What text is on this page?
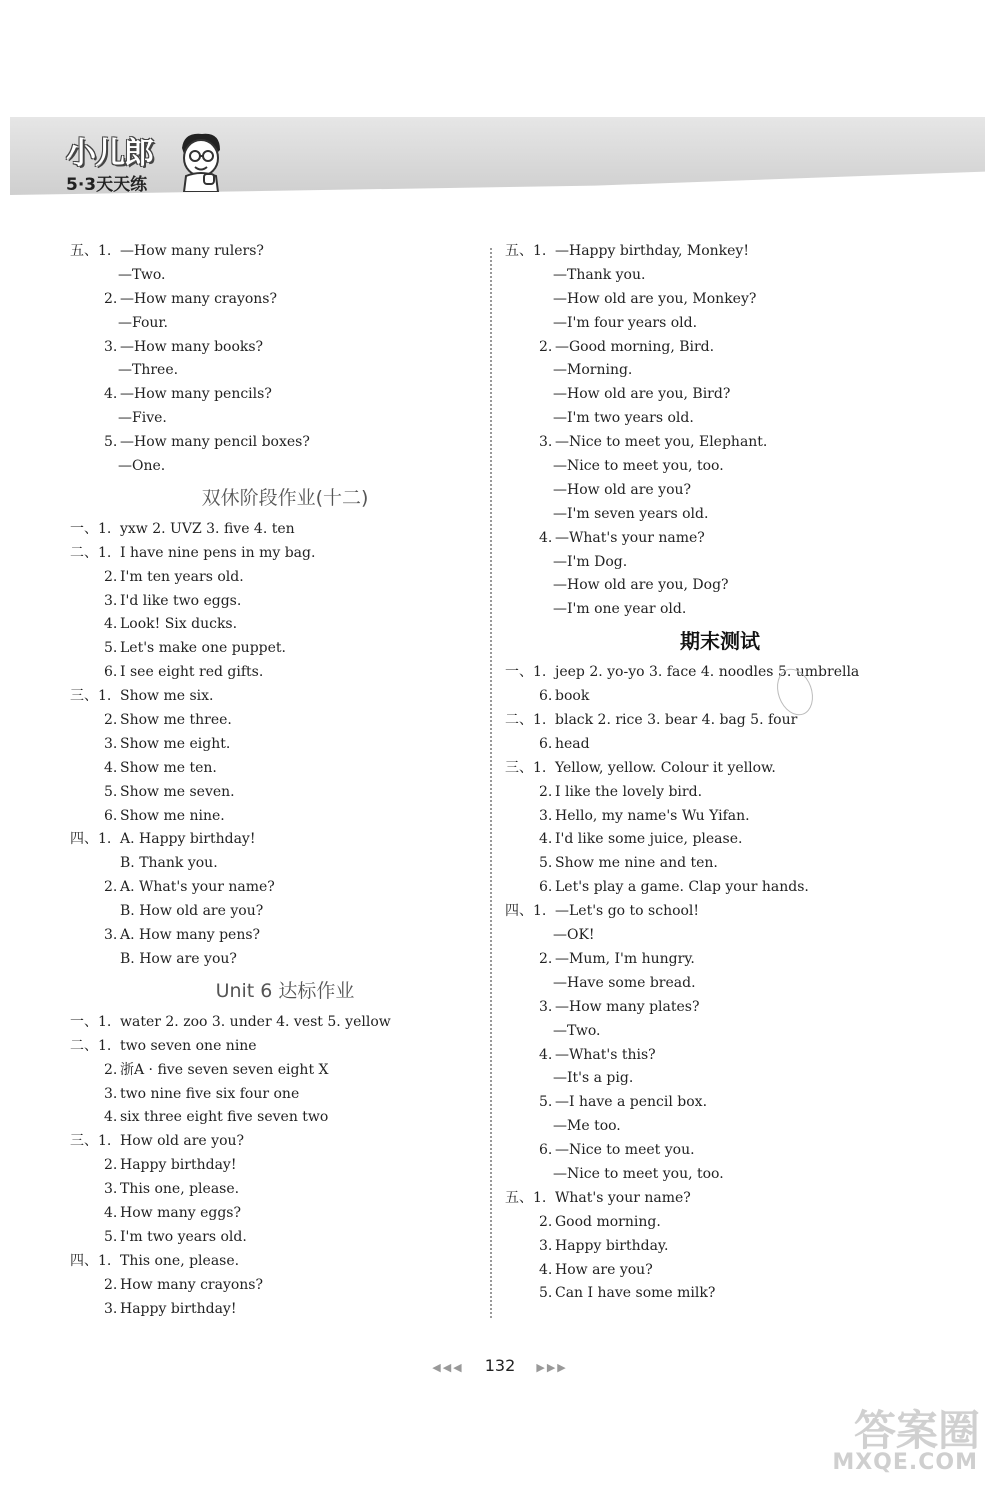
小儿郎
5·3天天练
五、1. —How many rulers?
—Two.
2. —How many crayons?
—Four.
3. —How many books?
—Three.
4. —How many pencils?
—Five.
5. —How many pencil boxes?
—One.
双休阶段作业(十二)
一、1. yxw 2. UVZ 3. five 4. ten
二、1. I have nine pens in my bag.
2. I'm ten years old.
3. I'd like two eggs.
4. Look! Six ducks.
5. Let's make one puppet.
6. I see eight red gifts.
三、1. Show me six.
2. Show me three.
3. Show me eight.
4. Show me ten.
5. Show me seven.
6. Show me nine.
四、1. A. Happy birthday!
B. Thank you.
2. A. What's your name?
B. How old are you?
3. A. How many pens?
B. How are you?
Unit 6 达标作业
一、1. water 2. zoo 3. under 4. vest 5. yellow
二、1. two seven one nine
2. 浙A · five seven seven eight X
3. two nine five six four one
4. six three eight five seven two
三、1. How old are you?
2. Happy birthday!
3. This one, please.
4. How many eggs?
5. I'm two years old.
四、1. This one, please.
2. How many crayons?
3. Happy birthday!
五、1. —Happy birthday, Monkey!
—Thank you.
—How old are you, Monkey?
—I'm four years old.
2. —Good morning, Bird.
—Morning.
—How old are you, Bird?
—I'm two years old.
3. —Nice to meet you, Elephant.
—Nice to meet you, too.
—How old are you?
—I'm seven years old.
4. —What's your name?
—I'm Dog.
—How old are you, Dog?
—I'm one year old.
期末测试
一、1. jeep 2. yo-yo 3. face 4. noodles 5. umbrella
6. book
二、1. black 2. rice 3. bear 4. bag 5. four
6. head
三、1. Yellow, yellow. Colour it yellow.
2. I like the lovely bird.
3. Hello, my name's Wu Yifan.
4. I'd like some juice, please.
5. Show me nine and ten.
6. Let's play a game. Clap your hands.
四、1. —Let's go to school!
—OK!
2. —Mum, I'm hungry.
—Have some bread.
3. —How many plates?
—Two.
4. —What's this?
—It's a pig.
5. —I have a pencil box.
—Me too.
6. —Nice to meet you.
—Nice to meet you, too.
五、1. What's your name?
2. Good morning.
3. Happy birthday.
4. How are you?
5. Can I have some milk?
◀◀◀ 132 ▶▶▶
答案圈
MXQE.COM
